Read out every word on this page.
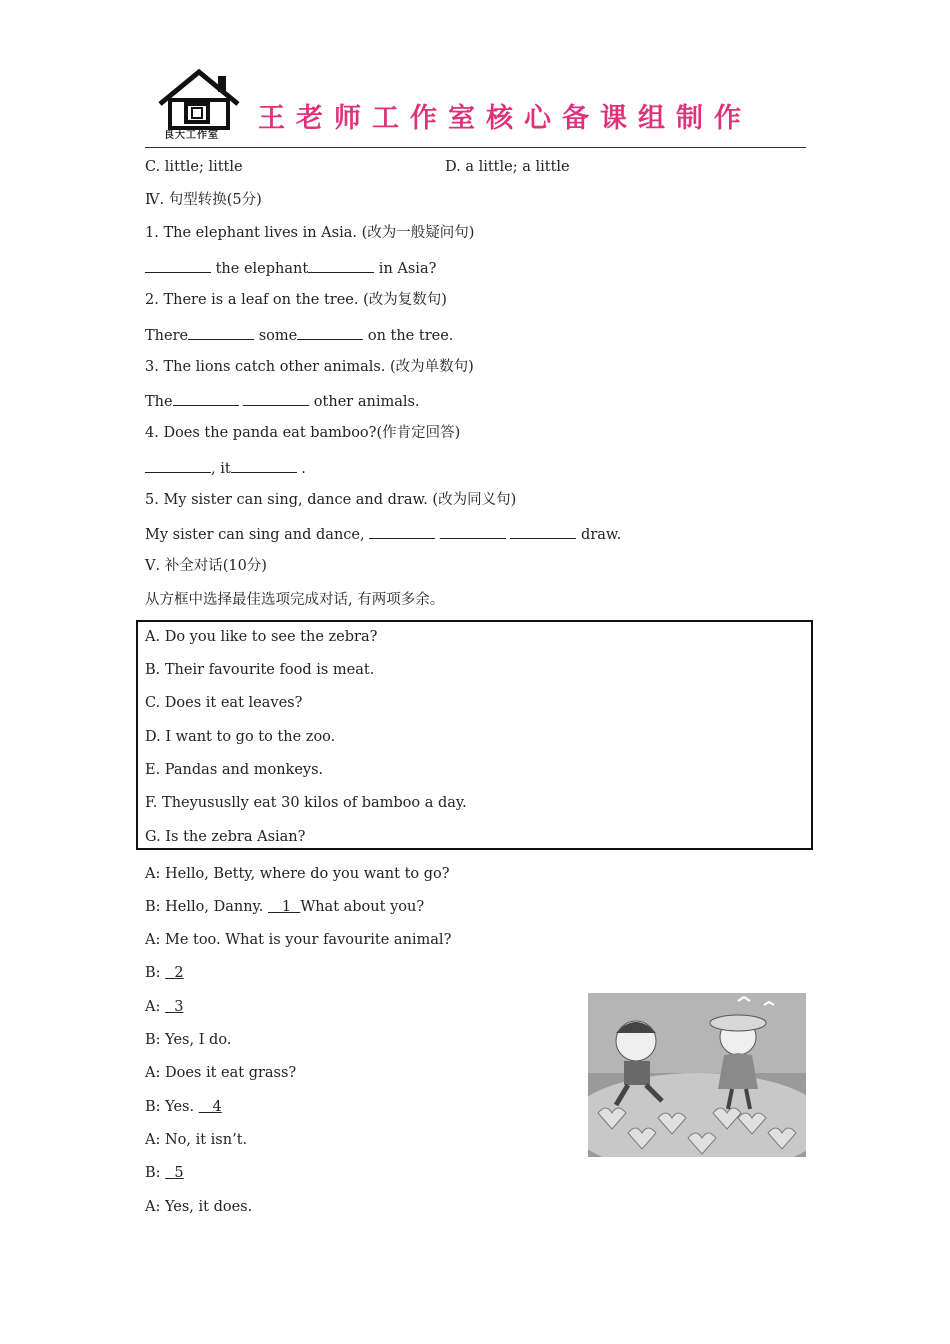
良大工作室
王老师工作室核心备课组制作
C. little; little	D. a little; a little
Ⅳ. 句型转换(5分)
1. The elephant lives in Asia. (改为一般疑问句)
the elephant	in Asia?
2. There is a leaf on the tree. (改为复数句)
There	some	on the tree.
3. The lions catch other animals. (改为单数句)
The	other animals.
4. Does the panda eat bamboo?(作肯定回答)
, it	.
5. My sister can sing, dance and draw. (改为同义句)
My sister can sing and dance,	draw.
Ⅴ. 补全对话(10分)
从方框中选择最佳选项完成对话, 有两项多余。
A. Do you like to see the zebra?
B. Their favourite food is meat.
C. Does it eat leaves?
D. I want to go to the zoo.
E. Pandas and monkeys.
F. Theyususlly eat 30 kilos of bamboo a day.
G. Is the zebra Asian?
A: Hello, Betty, where do you want to go?
B: Hello, Danny.    1 What about you?
A: Me too. What is your favourite animal?
B:   2
A:   3
B: Yes, I do.
A: Does it eat grass?
B: Yes.    4
A: No, it isn’t.
B:   5
A: Yes, it does.
